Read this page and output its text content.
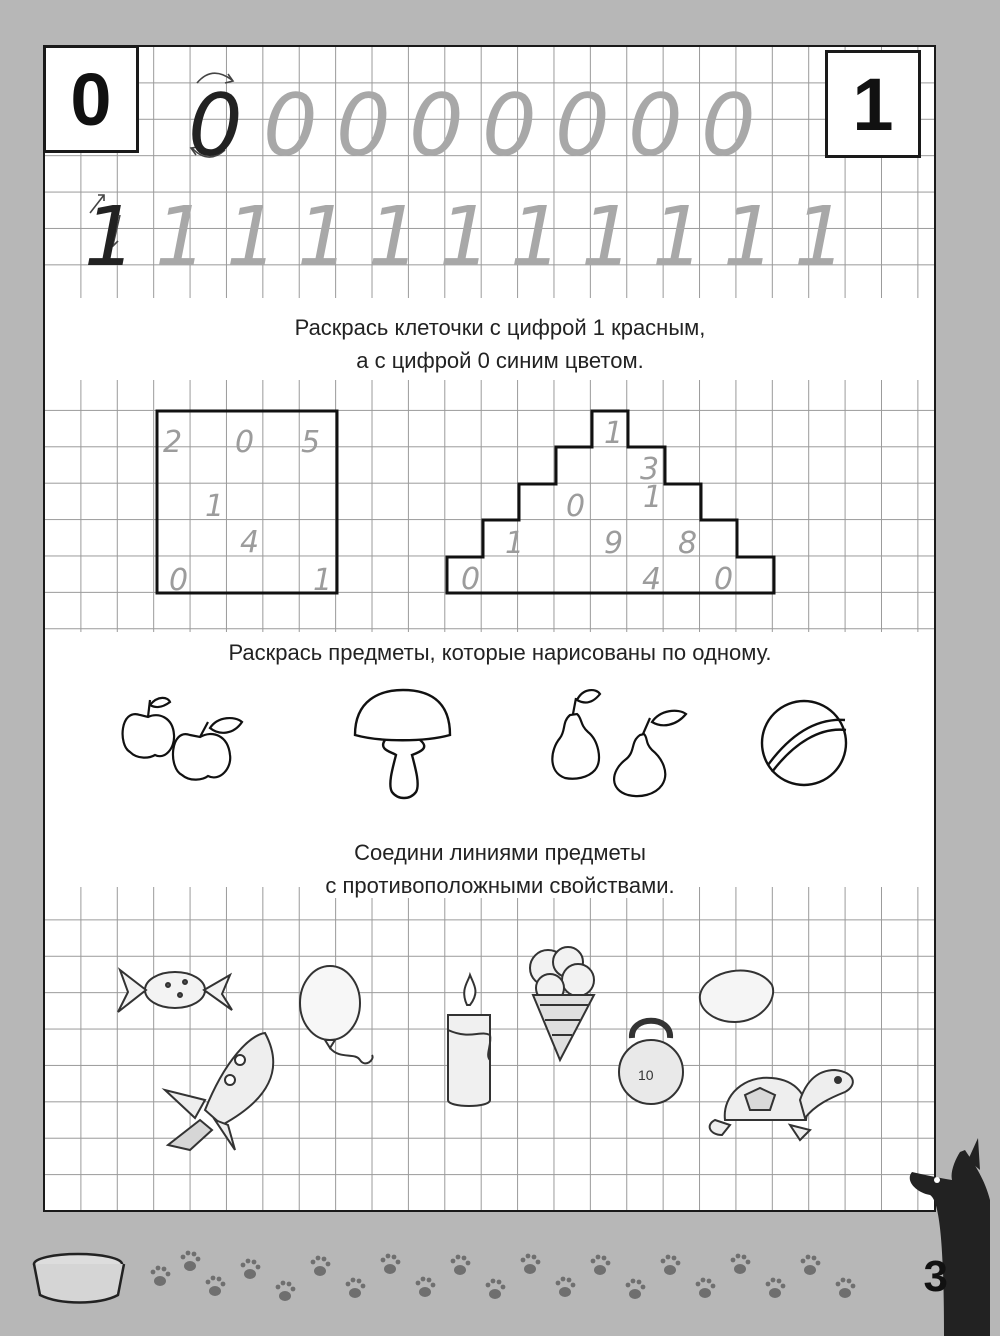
0	1
0 0 0 0 0 0 0 0
1 1 1 1 1 1 1 1 1 1 1
Раскрась клеточки с цифрой 1 красным,
а с цифрой 0 синим цветом.
2 0 5
1
4
0	1
1
3
0 1
1	9 8
0	4 0
Раскрась предметы, которые нарисованы по одному.
Соедини линиями предметы
с противоположными свойствами.
10
3
